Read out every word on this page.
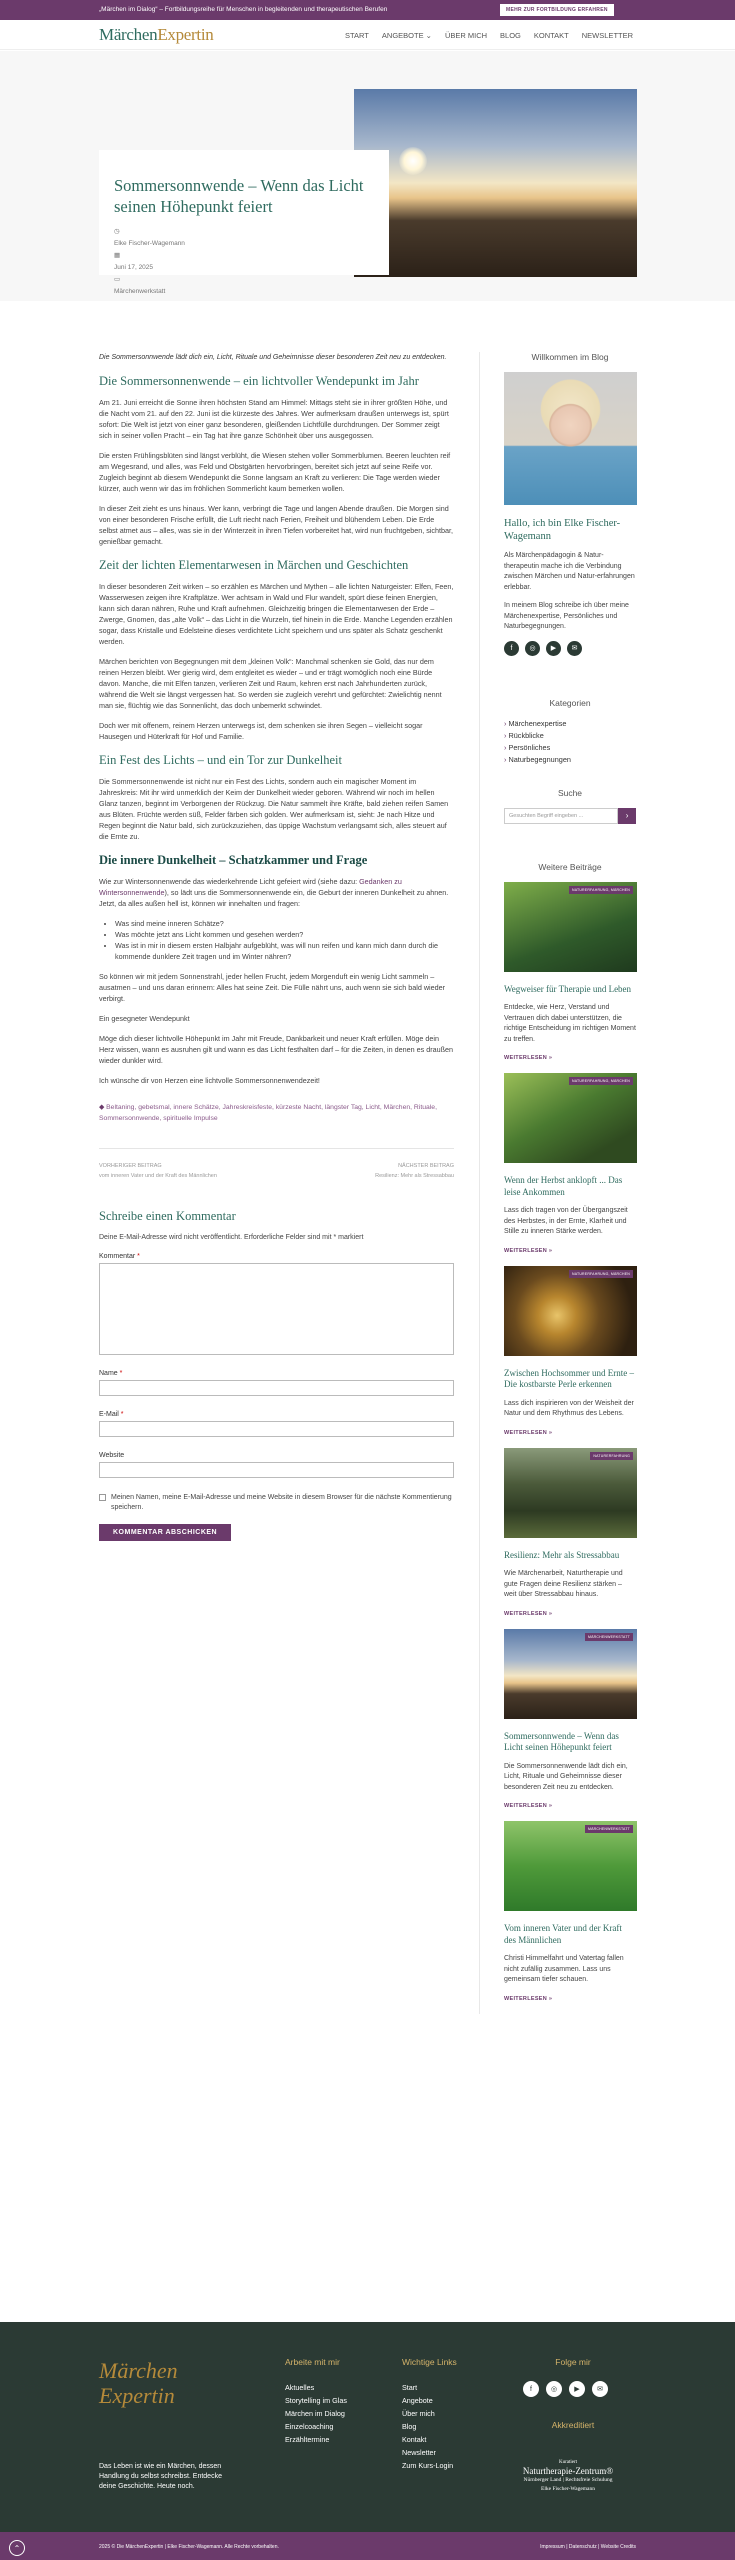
„Märchen im Dialog“ – Fortbildungsreihe für Menschen in begleitenden und therapeutischen Berufen	MEHR ZUR FORTBILDUNG ERFAHREN
MärchenExpertin	START ANGEBOTE ⌄ ÜBER MICH BLOG KONTAKT NEWSLETTER
Sommersonnwende – Wenn das Licht seinen Höhepunkt feiert
◷
Elke Fischer-Wagemann
▦
Juni 17, 2025
▭
Märchenwerkstatt

Die Sommersonnwende lädt dich ein, Licht, Rituale und Geheimnisse dieser besonderen Zeit neu zu entdecken.

Die Sommersonnenwende – ein lichtvoller Wendepunkt im Jahr

Am 21. Juni erreicht die Sonne ihren höchsten Stand am Himmel: Mittags steht sie in ihrer größten Höhe, und die Nacht vom 21. auf den 22. Juni ist die kürzeste des Jahres. Wer aufmerksam draußen unterwegs ist, spürt sofort: Die Welt ist jetzt von einer ganz besonderen, gleißenden Lichtfülle durchdrungen. Der Sommer zeigt sich in seiner vollen Pracht – ein Tag hat ihre ganze Schönheit über uns ausgegossen.

Die ersten Frühlingsblüten sind längst verblüht, die Wiesen stehen voller Sommerblumen. Beeren leuchten reif am Wegesrand, und alles, was Feld und Obstgärten hervorbringen, bereitet sich jetzt auf seine Reife vor. Zugleich beginnt ab diesem Wendepunkt die Sonne langsam an Kraft zu verlieren: Die Tage werden wieder kürzer, auch wenn wir das im fröhlichen Sommerlicht kaum bemerken wollen.

In dieser Zeit zieht es uns hinaus. Wer kann, verbringt die Tage und langen Abende draußen. Die Morgen sind von einer besonderen Frische erfüllt, die Luft riecht nach Ferien, Freiheit und blühendem Leben. Die Erde selbst atmet aus – alles, was sie in der Winterzeit in ihren Tiefen vorbereitet hat, wird nun fruchtgeben, sichtbar, genießbar gemacht.

Zeit der lichten Elementarwesen in Märchen und Geschichten

In dieser besonderen Zeit wirken – so erzählen es Märchen und Mythen – alle lichten Naturgeister: Elfen, Feen, Wasserwesen zeigen ihre Kraftplätze. Wer achtsam in Wald und Flur wandelt, spürt diese feinen Energien, kann sich daran nähren, Ruhe und Kraft aufnehmen. Gleichzeitig bringen die Elementarwesen der Erde – Zwerge, Gnomen, das „alte Volk“ – das Licht in die Wurzeln, tief hinein in die Erde. Manche Legenden erzählen sogar, dass Kristalle und Edelsteine dieses verdichtete Licht speichern und uns später als Schatz geschenkt werden.

Märchen berichten von Begegnungen mit dem „kleinen Volk“: Manchmal schenken sie Gold, das nur dem reinen Herzen bleibt. Wer gierig wird, dem entgleitet es wieder – und er trägt womöglich noch eine Bürde davon. Manche, die mit Elfen tanzen, verlieren Zeit und Raum, kehren erst nach Jahrhunderten zurück, während die Welt sie längst vergessen hat. So werden sie zugleich verehrt und gefürchtet: Zwielichtig nennt man sie, flüchtig wie das Sonnenlicht, das doch unbemerkt schwindet.

Doch wer mit offenem, reinem Herzen unterwegs ist, dem schenken sie ihren Segen – vielleicht sogar Hausegen und Hüterkraft für Hof und Familie.

Ein Fest des Lichts – und ein Tor zur Dunkelheit

Die Sommersonnenwende ist nicht nur ein Fest des Lichts, sondern auch ein magischer Moment im Jahreskreis: Mit ihr wird unmerklich der Keim der Dunkelheit wieder geboren. Während wir noch im hellen Glanz tanzen, beginnt im Verborgenen der Rückzug. Die Natur sammelt ihre Kräfte, bald ziehen reifen Samen aus Blüten. Früchte werden süß, Felder färben sich golden. Wer aufmerksam ist, sieht: Je nach Hitze und Regen beginnt die Natur bald, sich zurückzuziehen, das üppige Wachstum verlangsamt sich, alles steuert auf die Ernte zu.

Die innere Dunkelheit – Schatzkammer und Frage

Wie zur Wintersonnenwende das wiederkehrende Licht gefeiert wird (siehe dazu: Gedanken zu Wintersonnenwende), so lädt uns die Sommersonnenwende ein, die Geburt der inneren Dunkelheit zu ahnen. Jetzt, da alles außen hell ist, können wir innehalten und fragen:

• Was sind meine inneren Schätze?
• Was möchte jetzt ans Licht kommen und gesehen werden?
• Was ist in mir in diesem ersten Halbjahr aufgeblüht, was will nun reifen und kann mich dann durch die kommende dunklere Zeit tragen und im Winter nähren?

So können wir mit jedem Sonnenstrahl, jeder hellen Frucht, jedem Morgenduft ein wenig Licht sammeln – ausatmen – und uns daran erinnern: Alles hat seine Zeit. Die Fülle nährt uns, auch wenn sie sich bald wieder verbirgt.

Ein gesegneter Wendepunkt

Möge dich dieser lichtvolle Höhepunkt im Jahr mit Freude, Dankbarkeit und neuer Kraft erfüllen. Möge dein Herz wissen, wann es ausruhen gilt und wann es das Licht festhalten darf – für die Zeiten, in denen es draußen wieder dunkler wird.

Ich wünsche dir von Herzen eine lichtvolle Sommersonnenwendezeit!

◆ Beltaning, gebetsmal, innere Schätze, Jahreskreisfeste, kürzeste Nacht, längster Tag, Licht, Märchen, Rituale, Sommersonnwende, spirituelle Impulse
VORHERIGER BEITRAG
vom inneren Vater und der Kraft des Männlichen
NÄCHSTER BEITRAG
Resilienz: Mehr als Stressabbau
Schreibe einen Kommentar
Deine E-Mail-Adresse wird nicht veröffentlicht. Erforderliche Felder sind mit * markiert
Kommentar *
Name *
E-Mail *
Website
Meinen Namen, meine E-Mail-Adresse und meine Website in diesem Browser für die nächste Kommentierung speichern.
KOMMENTAR ABSCHICKEN
Willkommen im Blog
Hallo, ich bin Elke Fischer-Wagemann

Als Märchenpädagogin & Natur-therapeutin mache ich die Verbindung zwischen Märchen und Natur-erfahrungen erlebbar.

In meinem Blog schreibe ich über meine Märchenexpertise, Persönliches und Naturbegegnungen.

f	◎	▶	✉
Kategorien
› Märchenexpertise
› Rückblicke
› Persönliches
› Naturbegegnungen
Suche
Gesuchten Begriff eingeben ...	›
Weitere Beiträge
NATURERFAHRUNG, MÄRCHEN
Wegweiser für Therapie und Leben

Entdecke, wie Herz, Verstand und Vertrauen dich dabei unterstützen, die richtige Entscheidung im richtigen Moment zu treffen.

WEITERLESEN »
NATURERFAHRUNG, MÄRCHEN
Wenn der Herbst anklopft ... Das leise Ankommen

Lass dich tragen von der Übergangszeit des Herbstes, in der Ernte, Klarheit und Stille zu inneren Stärke werden.

WEITERLESEN »
NATURERFAHRUNG, MÄRCHEN
Zwischen Hochsommer und Ernte – Die kostbarste Perle erkennen

Lass dich inspirieren von der Weisheit der Natur und dem Rhythmus des Lebens.

WEITERLESEN »
NATURERFAHRUNG
Resilienz: Mehr als Stressabbau

Wie Märchenarbeit, Naturtherapie und gute Fragen deine Resilienz stärken – weit über Stressabbau hinaus.

WEITERLESEN »
MÄRCHENWERKSTATT
Sommersonnwende – Wenn das Licht seinen Höhepunkt feiert

Die Sommersonnenwende lädt dich ein, Licht, Rituale und Geheimnisse dieser besonderen Zeit neu zu entdecken.

WEITERLESEN »
MÄRCHENWERKSTATT
Vom inneren Vater und der Kraft des Männlichen

Christi Himmelfahrt und Vatertag fallen nicht zufällig zusammen. Lass uns gemeinsam tiefer schauen.

WEITERLESEN »
Märchen
Expertin
Das Leben ist wie ein Märchen, dessen Handlung du selbst schreibst. Entdecke deine Geschichte. Heute noch.
Arbeite mit mir
Aktuelles
Storytelling im Glas
Märchen im Dialog
Einzelcoaching
Erzähltermine
Wichtige Links
Start
Angebote
Über mich
Blog
Kontakt
Newsletter
Zum Kurs-Login
Folge mir
f	◎	▶	✉
Akkreditiert
Kuratiert
Naturtherapie-Zentrum®
Nürnberger Land | Rechtsfreie Schulung
Elke Fischer-Wagemann
2025 © Die MärchenExpertin | Elke Fischer-Wagemann. Alle Rechte vorbehalten.	Impressum | Datenschutz | Website Credits
⌃
